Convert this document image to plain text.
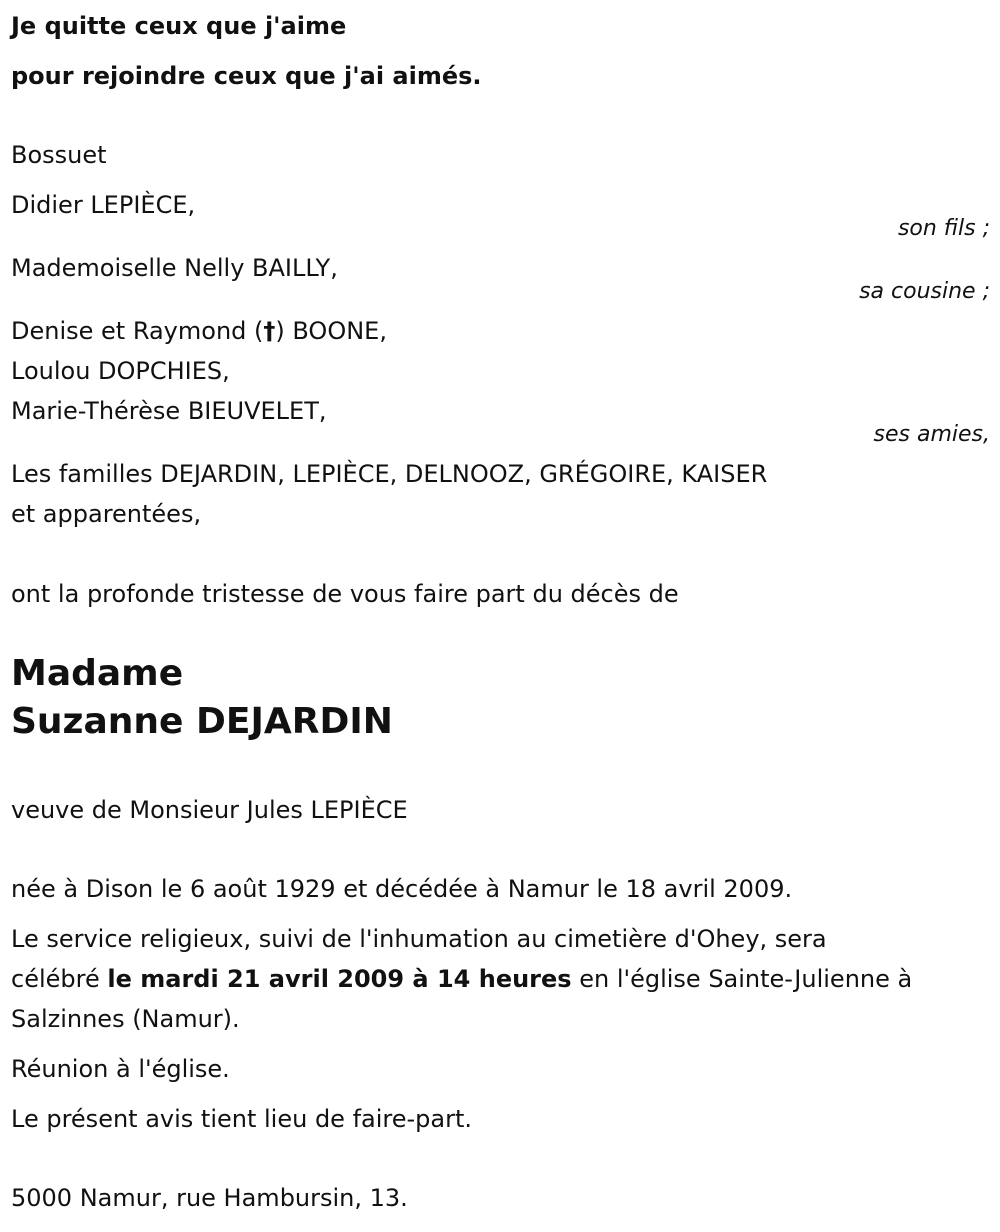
Je quitte ceux que j'aime
pour rejoindre ceux que j'ai aimés.
Bossuet
Didier LEPIÈCE,
son fils ;
Mademoiselle Nelly BAILLY,
sa cousine ;
Denise et Raymond (†) BOONE,
Loulou DOPCHIES,
Marie-Thérèse BIEUVELET,
ses amies,
Les familles DEJARDIN, LEPIÈCE, DELNOOZ, GRÉGOIRE, KAISER
et apparentées,
ont la profonde tristesse de vous faire part du décès de
Madame
Suzanne DEJARDIN
veuve de Monsieur Jules LEPIÈCE
née à Dison le 6 août 1929 et décédée à Namur le 18 avril 2009.
Le service religieux, suivi de l'inhumation au cimetière d'Ohey, sera
célébré le mardi 21 avril 2009 à 14 heures en l'église Sainte-Julienne à
Salzinnes (Namur).
Réunion à l'église.
Le présent avis tient lieu de faire-part.
5000 Namur, rue Hambursin, 13.
